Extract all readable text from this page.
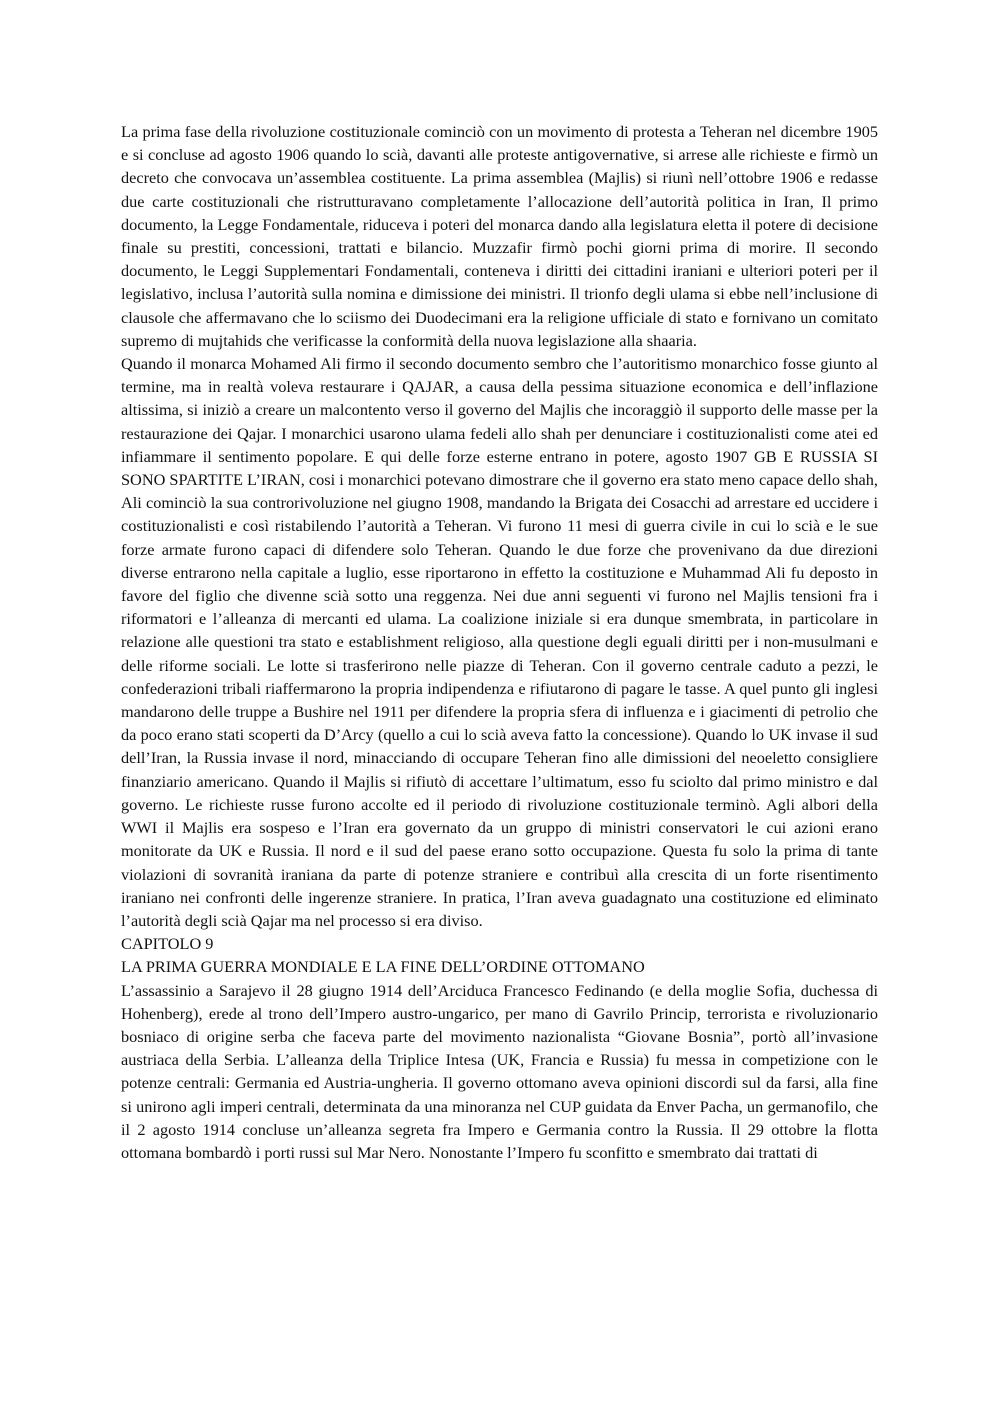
La prima fase della rivoluzione costituzionale cominciò con un movimento di protesta a Teheran nel dicembre 1905 e si concluse ad agosto 1906 quando lo scià, davanti alle proteste antigovernative, si arrese alle richieste e firmò un decreto che convocava un’assemblea costituente. La prima assemblea (Majlis) si riunì nell’ottobre 1906 e redasse due carte costituzionali che ristrutturavano completamente l’allocazione dell’autorità politica in Iran, Il primo documento, la Legge Fondamentale, riduceva i poteri del monarca dando alla legislatura eletta il potere di decisione finale su prestiti, concessioni, trattati e bilancio. Muzzafir firmò pochi giorni prima di morire. Il secondo documento, le Leggi Supplementari Fondamentali, conteneva i diritti dei cittadini iraniani e ulteriori poteri per il legislativo, inclusa l’autorità sulla nomina e dimissione dei ministri. Il trionfo degli ulama si ebbe nell’inclusione di clausole che affermavano che lo sciismo dei Duodecimani era la religione ufficiale di stato e fornivano un comitato supremo di mujtahids che verificasse la conformità della nuova legislazione alla shaaria.

Quando il monarca Mohamed Ali firmo il secondo documento sembro che l’autoritismo monarchico fosse giunto al termine, ma in realtà voleva restaurare i QAJAR, a causa della pessima situazione economica e dell’inflazione altissima, si iniziò a creare un malcontento verso il governo del Majlis che incoraggiò il supporto delle masse per la restaurazione dei Qajar. I monarchici usarono ulama fedeli allo shah per denunciare i costituzionalisti come atei ed infiammare il sentimento popolare. E qui delle forze esterne entrano in potere, agosto 1907 GB E RUSSIA SI SONO SPARTITE L’IRAN, cosi i monarchici potevano dimostrare che il governo era stato meno capace dello shah, Ali cominciò la sua controrivoluzione nel giugno 1908, mandando la Brigata dei Cosacchi ad arrestare ed uccidere i costituzionalisti e così ristabilendo l’autorità a Teheran. Vi furono 11 mesi di guerra civile in cui lo scià e le sue forze armate furono capaci di difendere solo Teheran. Quando le due forze che provenivano da due direzioni diverse entrarono nella capitale a luglio, esse riportarono in effetto la costituzione e Muhammad Ali fu deposto in favore del figlio che divenne scià sotto una reggenza. Nei due anni seguenti vi furono nel Majlis tensioni fra i riformatori e l’alleanza di mercanti ed ulama. La coalizione iniziale si era dunque smembrata, in particolare in relazione alle questioni tra stato e establishment religioso, alla questione degli eguali diritti per i non-musulmani e delle riforme sociali. Le lotte si trasferirono nelle piazze di Teheran. Con il governo centrale caduto a pezzi, le confederazioni tribali riaffermarono la propria indipendenza e rifiutarono di pagare le tasse. A quel punto gli inglesi mandarono delle truppe a Bushire nel 1911 per difendere la propria sfera di influenza e i giacimenti di petrolio che da poco erano stati scoperti da D’Arcy (quello a cui lo scià aveva fatto la concessione). Quando lo UK invase il sud dell’Iran, la Russia invase il nord, minacciando di occupare Teheran fino alle dimissioni del neoeletto consigliere finanziario americano. Quando il Majlis si rifiutò di accettare l’ultimatum, esso fu sciolto dal primo ministro e dal governo. Le richieste russe furono accolte ed il periodo di rivoluzione costituzionale terminò. Agli albori della WWI il Majlis era sospeso e l’Iran era governato da un gruppo di ministri conservatori le cui azioni erano monitorate da UK e Russia. Il nord e il sud del paese erano sotto occupazione. Questa fu solo la prima di tante violazioni di sovranità iraniana da parte di potenze straniere e contribuì alla crescita di un forte risentimento iraniano nei confronti delle ingerenze straniere. In pratica, l’Iran aveva guadagnato una costituzione ed eliminato l’autorità degli scià Qajar ma nel processo si era diviso.

CAPITOLO 9

LA PRIMA GUERRA MONDIALE E LA FINE DELL’ORDINE OTTOMANO

L’assassinio a Sarajevo il 28 giugno 1914 dell’Arciduca Francesco Fedinando (e della moglie Sofia, duchessa di Hohenberg), erede al trono dell’Impero austro-ungarico, per mano di Gavrilo Princip, terrorista e rivoluzionario bosniaco di origine serba che faceva parte del movimento nazionalista “Giovane Bosnia”, portò all’invasione austriaca della Serbia. L’alleanza della Triplice Intesa (UK, Francia e Russia) fu messa in competizione con le potenze centrali: Germania ed Austria-ungheria. Il governo ottomano aveva opinioni discordi sul da farsi, alla fine si unirono agli imperi centrali, determinata da una minoranza nel CUP guidata da Enver Pacha, un germanofilo, che il 2 agosto 1914 concluse un’alleanza segreta fra Impero e Germania contro la Russia. Il 29 ottobre la flotta ottomana bombardò i porti russi sul Mar Nero. Nonostante l’Impero fu sconfitto e smembrato dai trattati di
